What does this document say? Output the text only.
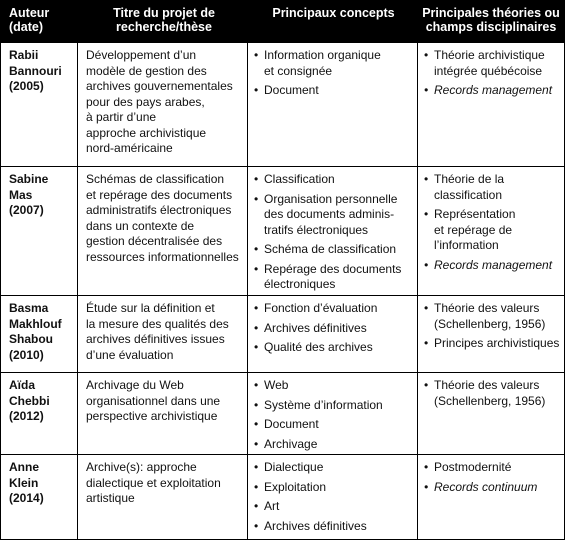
Auteur
(date)
Titre du projet de
recherche/thèse
Principaux concepts	Principales théories ou
champs disciplinaires
Rabii
Bannouri
(2005)
Développement d’un
modèle de gestion des
archives gouvernementales
pour des pays arabes,
à partir d’une
approche archivistique
nord-américaine
• Information organique
et consignée
• Document
• Théorie archivistique
intégrée québécoise
• Records management
Sabine
Mas
(2007)
Schémas de classification
et repérage des documents
administratifs électroniques
dans un contexte de
gestion décentralisée des
ressources informationnelles
• Classification
• Organisation personnelle
des documents adminis-
tratifs électroniques
• Schéma de classification
• Repérage des documents
électroniques
• Théorie de la
classification
• Représentation
et repérage de
l’information
• Records management
Basma
Makhlouf
Shabou
(2010)
Étude sur la définition et
la mesure des qualités des
archives définitives issues
d’une évaluation
• Fonction d’évaluation
• Archives définitives
• Qualité des archives
• Théorie des valeurs
(Schellenberg, 1956)
• Principes archivistiques
Aïda
Chebbi
(2012)
Archivage du Web
organisationnel dans une
perspective archivistique
• Web
• Système d’information
• Document
• Archivage
• Théorie des valeurs
(Schellenberg, 1956)
Anne
Klein
(2014)
Archive(s): approche
dialectique et exploitation
artistique
• Dialectique
• Exploitation
• Art
• Archives définitives
• Postmodernité
• Records continuum
